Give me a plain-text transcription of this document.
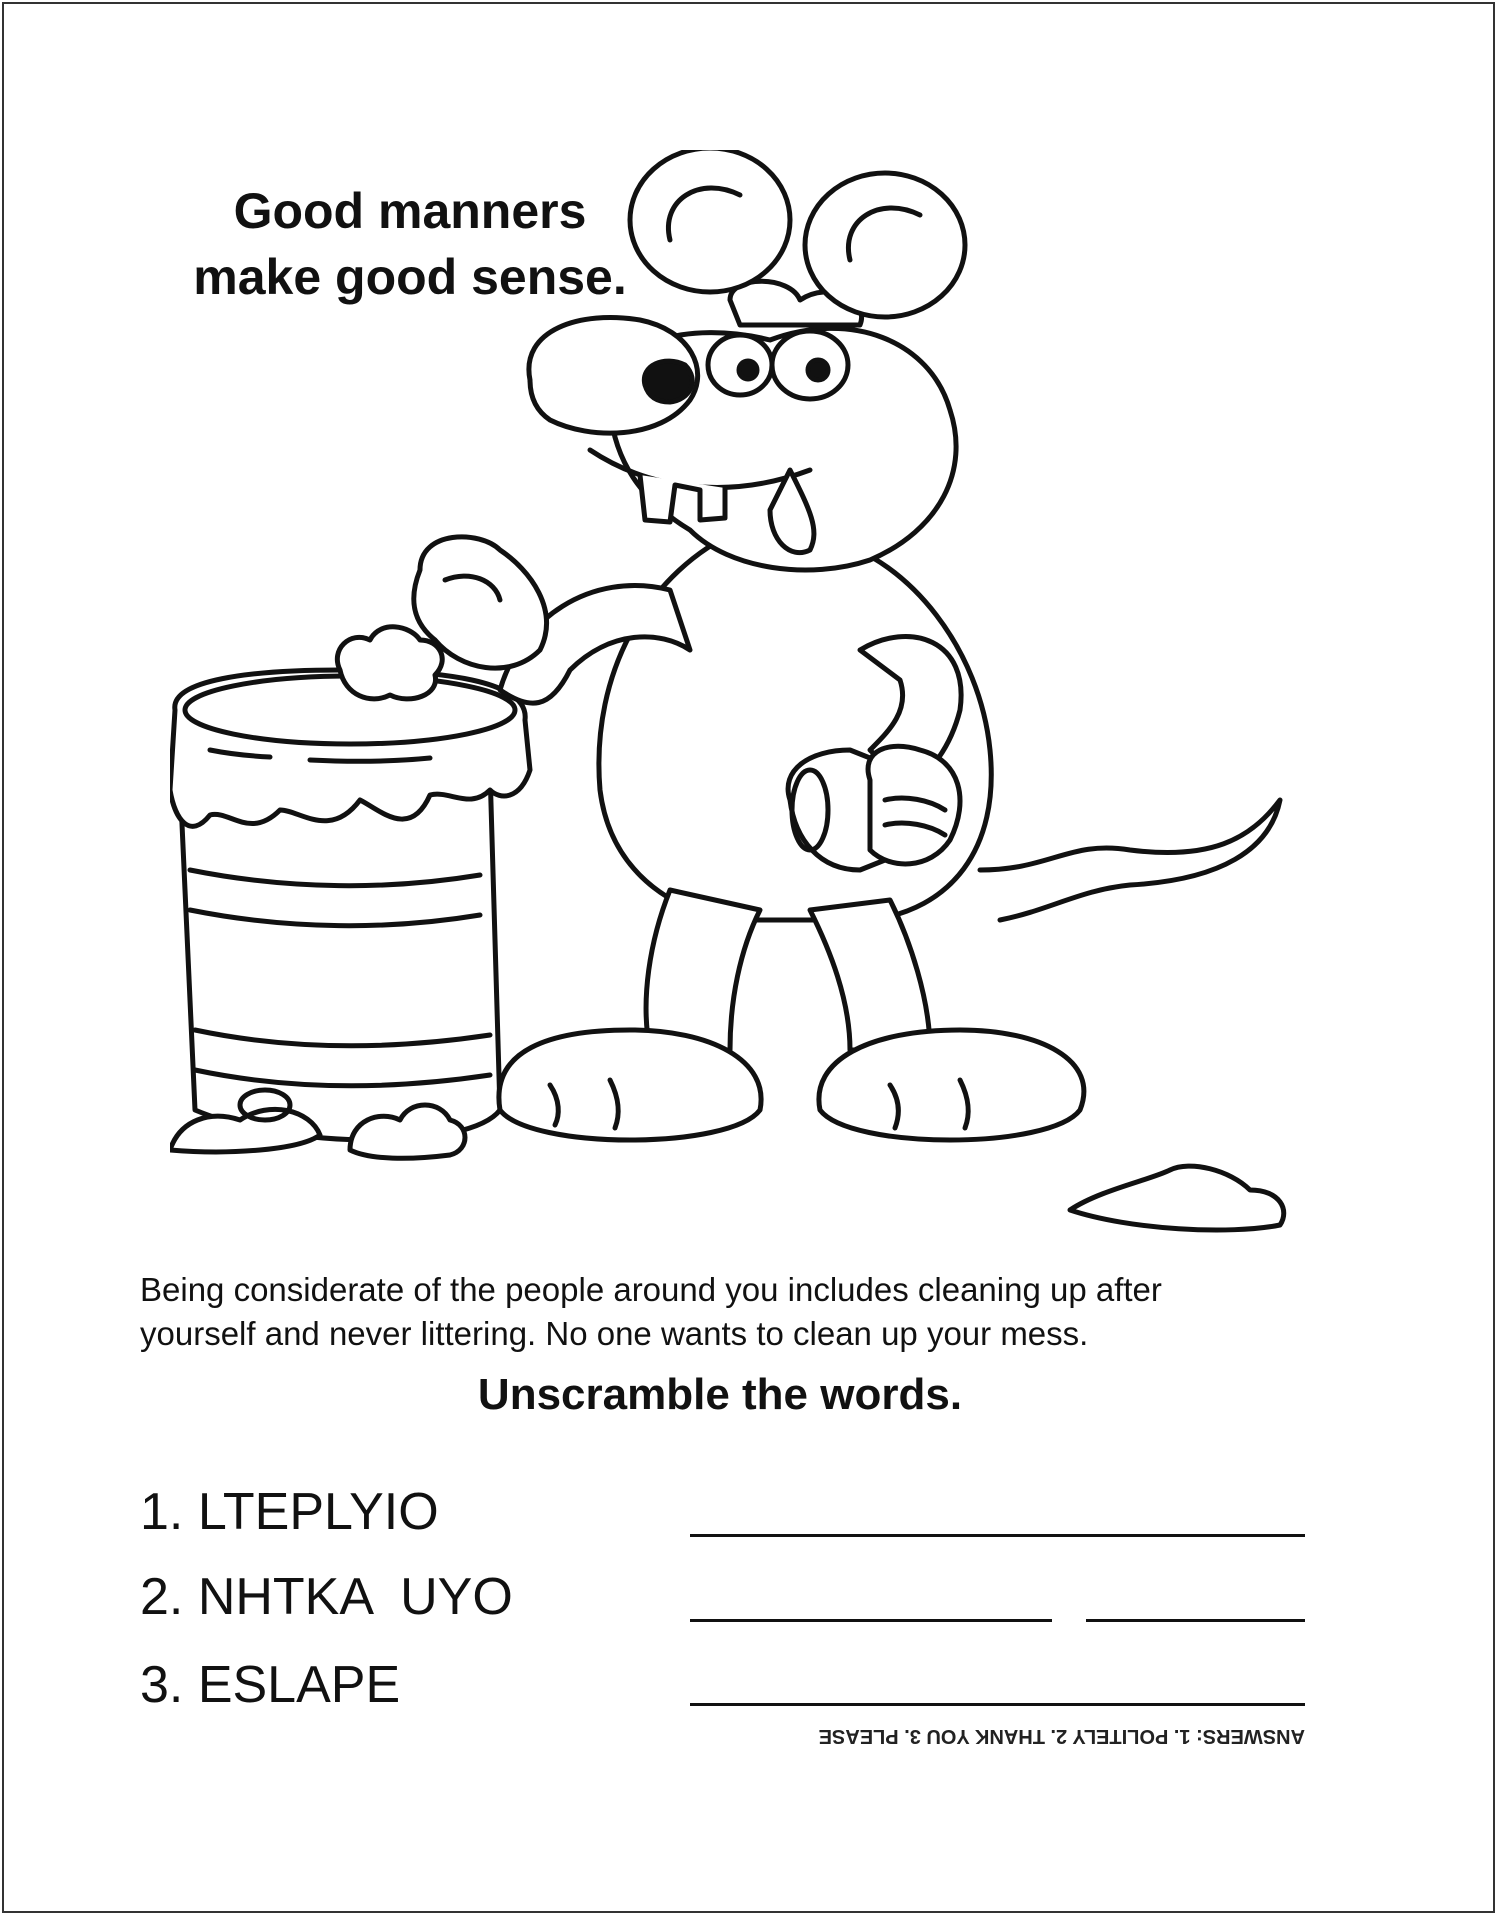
Good manners
make good sense.
Being considerate of the people around you includes cleaning up after
yourself and never littering. No one wants to clean up your mess.
Unscramble the words.
1. LTEPLYIO
2. NHTKA  UYO
3. ESLAPE
ANSWERS: 1. POLITELY 2. THANK YOU 3. PLEASE
